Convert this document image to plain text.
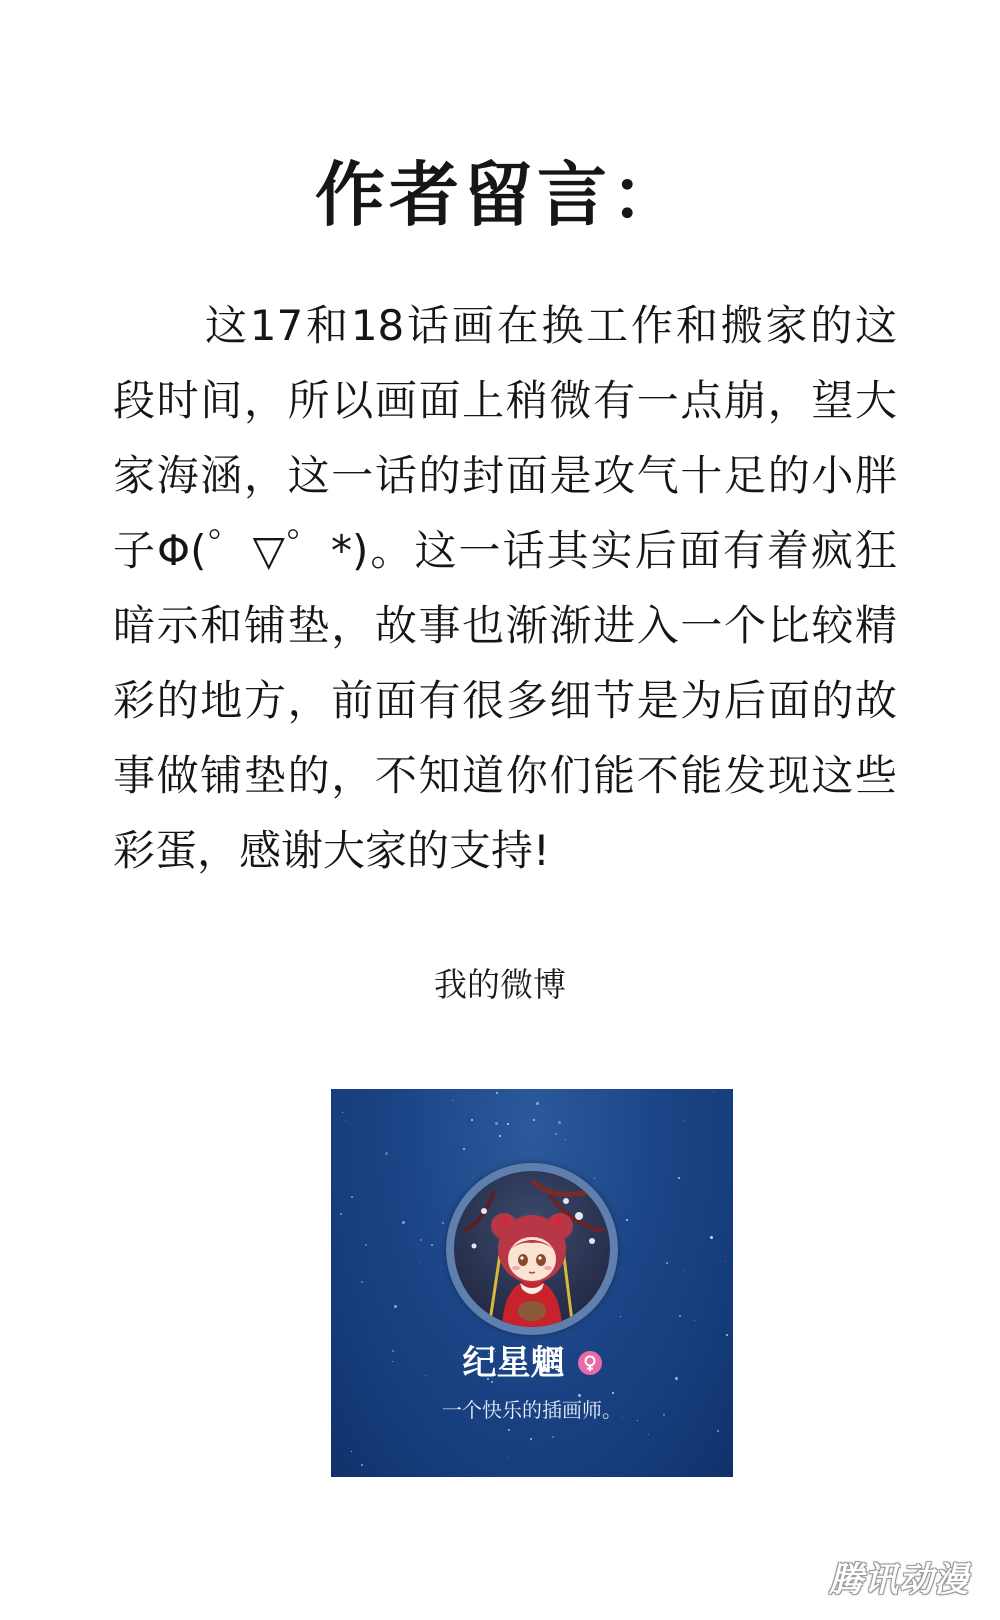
作者留言：

这17和18话画在换工作和搬家的这段时间，所以画面上稍微有一点崩，望大家海涵，这一话的封面是攻气十足的小胖子Φ(゜▽゜*)。这一话其实后面有着疯狂暗示和铺垫，故事也渐渐进入一个比较精彩的地方，前面有很多细节是为后面的故事做铺垫的，不知道你们能不能发现这些彩蛋，感谢大家的支持!

我的微博
纪星魍
一个快乐的插画师。
腾讯动漫
